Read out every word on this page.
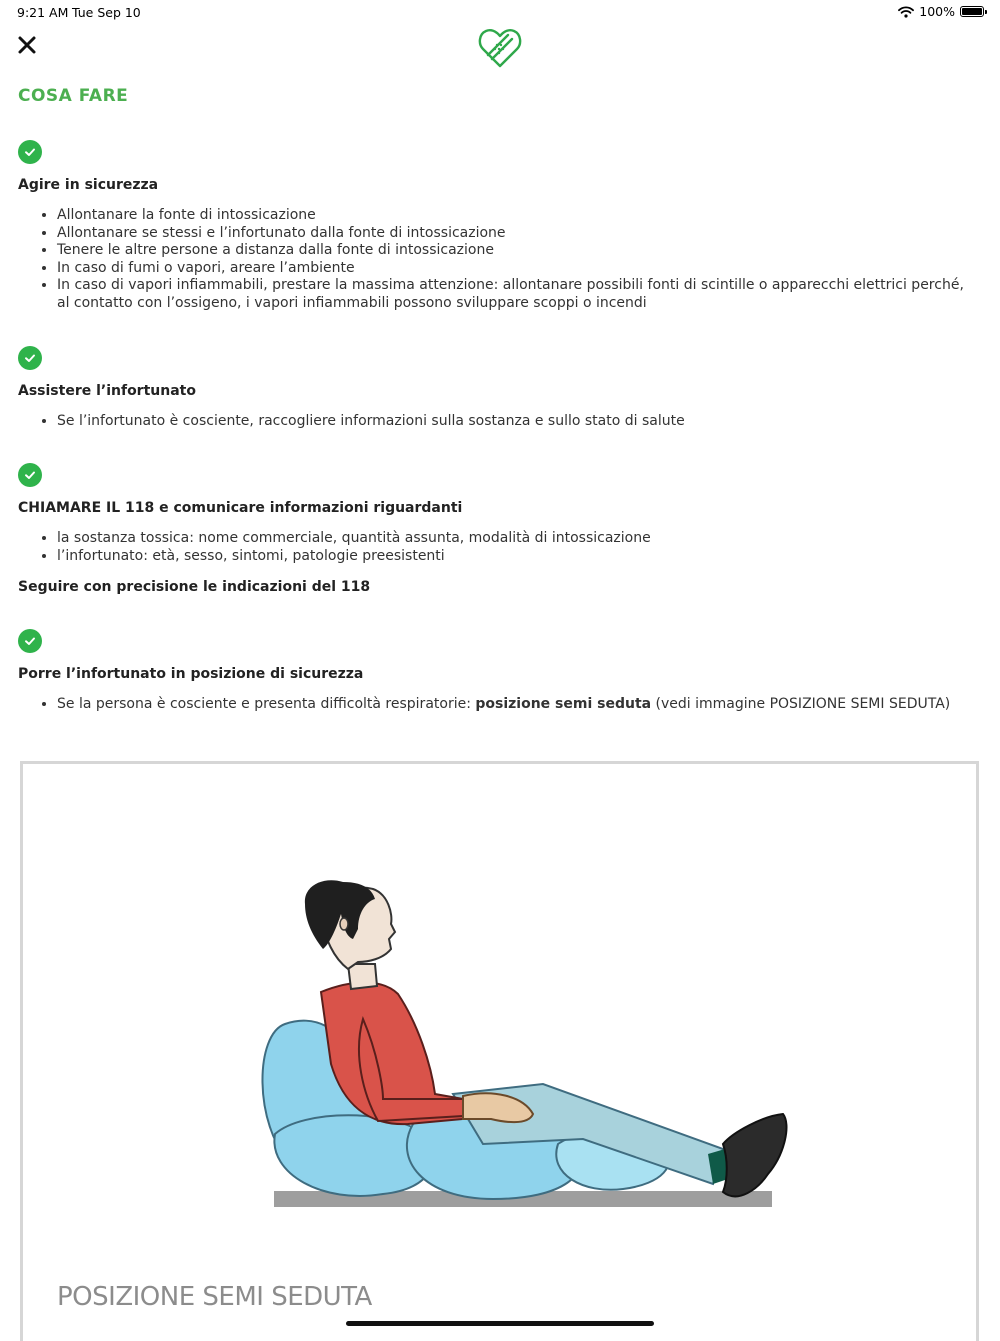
9:21 AM Tue Sep 10	100%
COSA FARE
Agire in sicurezza
• Allontanare la fonte di intossicazione
• Allontanare se stessi e l’infortunato dalla fonte di intossicazione
• Tenere le altre persone a distanza dalla fonte di intossicazione
• In caso di fumi o vapori, areare l’ambiente
• In caso di vapori infiammabili, prestare la massima attenzione: allontanare possibili fonti di scintille o apparecchi elettrici perché, al contatto con l’ossigeno, i vapori infiammabili possono sviluppare scoppi o incendi
Assistere l’infortunato
• Se l’infortunato è cosciente, raccogliere informazioni sulla sostanza e sullo stato di salute
CHIAMARE IL 118 e comunicare informazioni riguardanti
• la sostanza tossica: nome commerciale, quantità assunta, modalità di intossicazione
• l’infortunato: età, sesso, sintomi, patologie preesistenti

Seguire con precisione le indicazioni del 118

Porre l’infortunato in posizione di sicurezza
• Se la persona è cosciente e presenta difficoltà respiratorie: posizione semi seduta (vedi immagine POSIZIONE SEMI SEDUTA)
POSIZIONE SEMI SEDUTA
